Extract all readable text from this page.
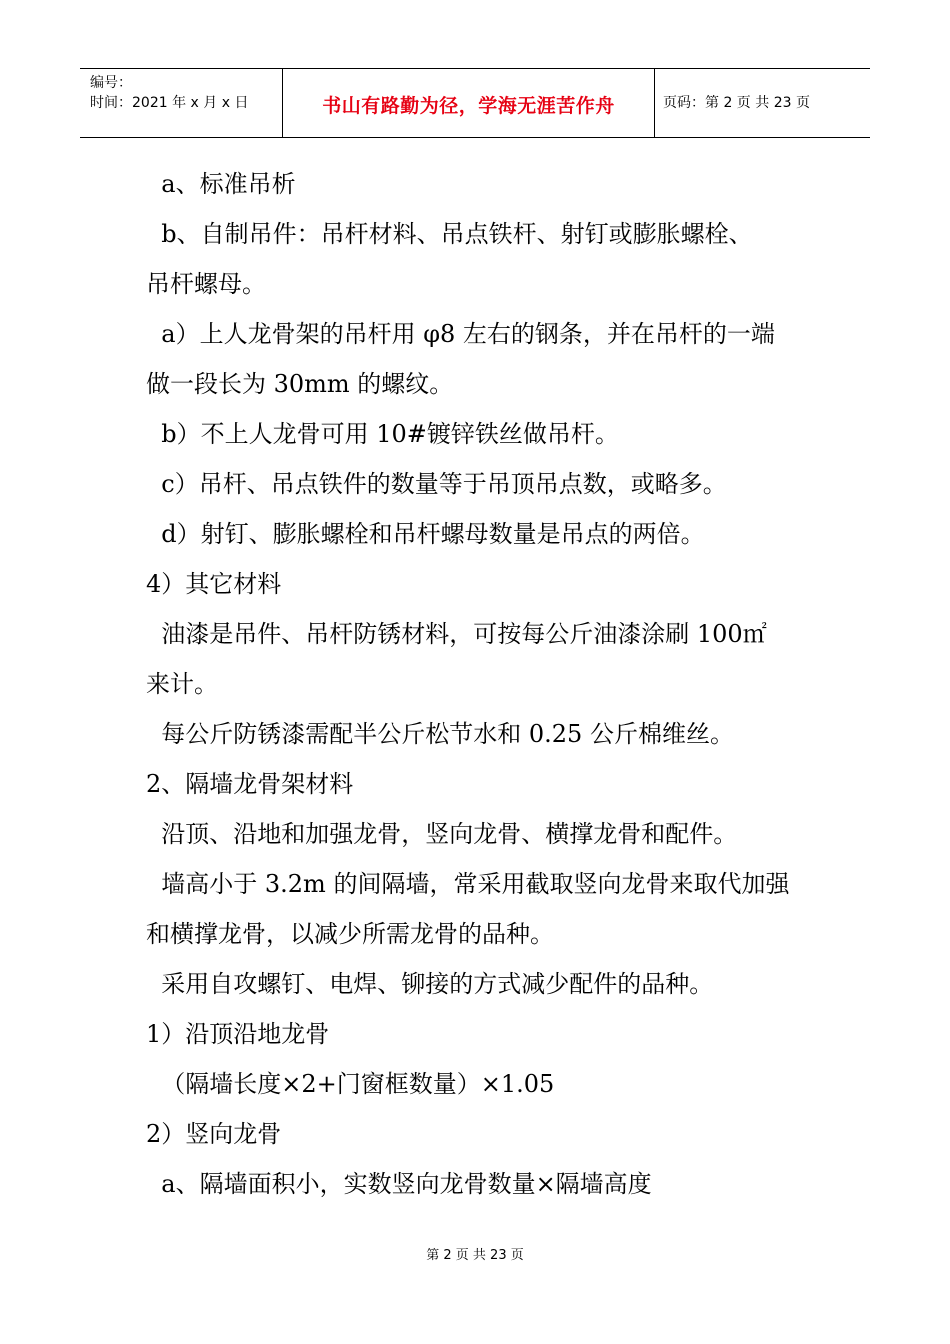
编号：
时间：2021 年 x 月 x 日	书山有路勤为径，学海无涯苦作舟	页码：第 2 页 共 23 页
a、标准吊析
b、自制吊件：吊杆材料、吊点铁杆、射钉或膨胀螺栓、
吊杆螺母。
a）上人龙骨架的吊杆用 φ8 左右的钢条，并在吊杆的一端
做一段长为 30mm 的螺纹。
b）不上人龙骨可用 10#镀锌铁丝做吊杆。
c）吊杆、吊点铁件的数量等于吊顶吊点数，或略多。
d）射钉、膨胀螺栓和吊杆螺母数量是吊点的两倍。
4）其它材料
油漆是吊件、吊杆防锈材料，可按每公斤油漆涂刷 100㎡
来计。
每公斤防锈漆需配半公斤松节水和 0.25 公斤棉维丝。
2、隔墙龙骨架材料
沿顶、沿地和加强龙骨，竖向龙骨、横撑龙骨和配件。
墙高小于 3.2m 的间隔墙，常采用截取竖向龙骨来取代加强
和横撑龙骨，以减少所需龙骨的品种。
采用自攻螺钉、电焊、铆接的方式减少配件的品种。
1）沿顶沿地龙骨
（隔墙长度×2+门窗框数量）×1.05
2）竖向龙骨
a、隔墙面积小，实数竖向龙骨数量×隔墙高度
第 2 页 共 23 页
